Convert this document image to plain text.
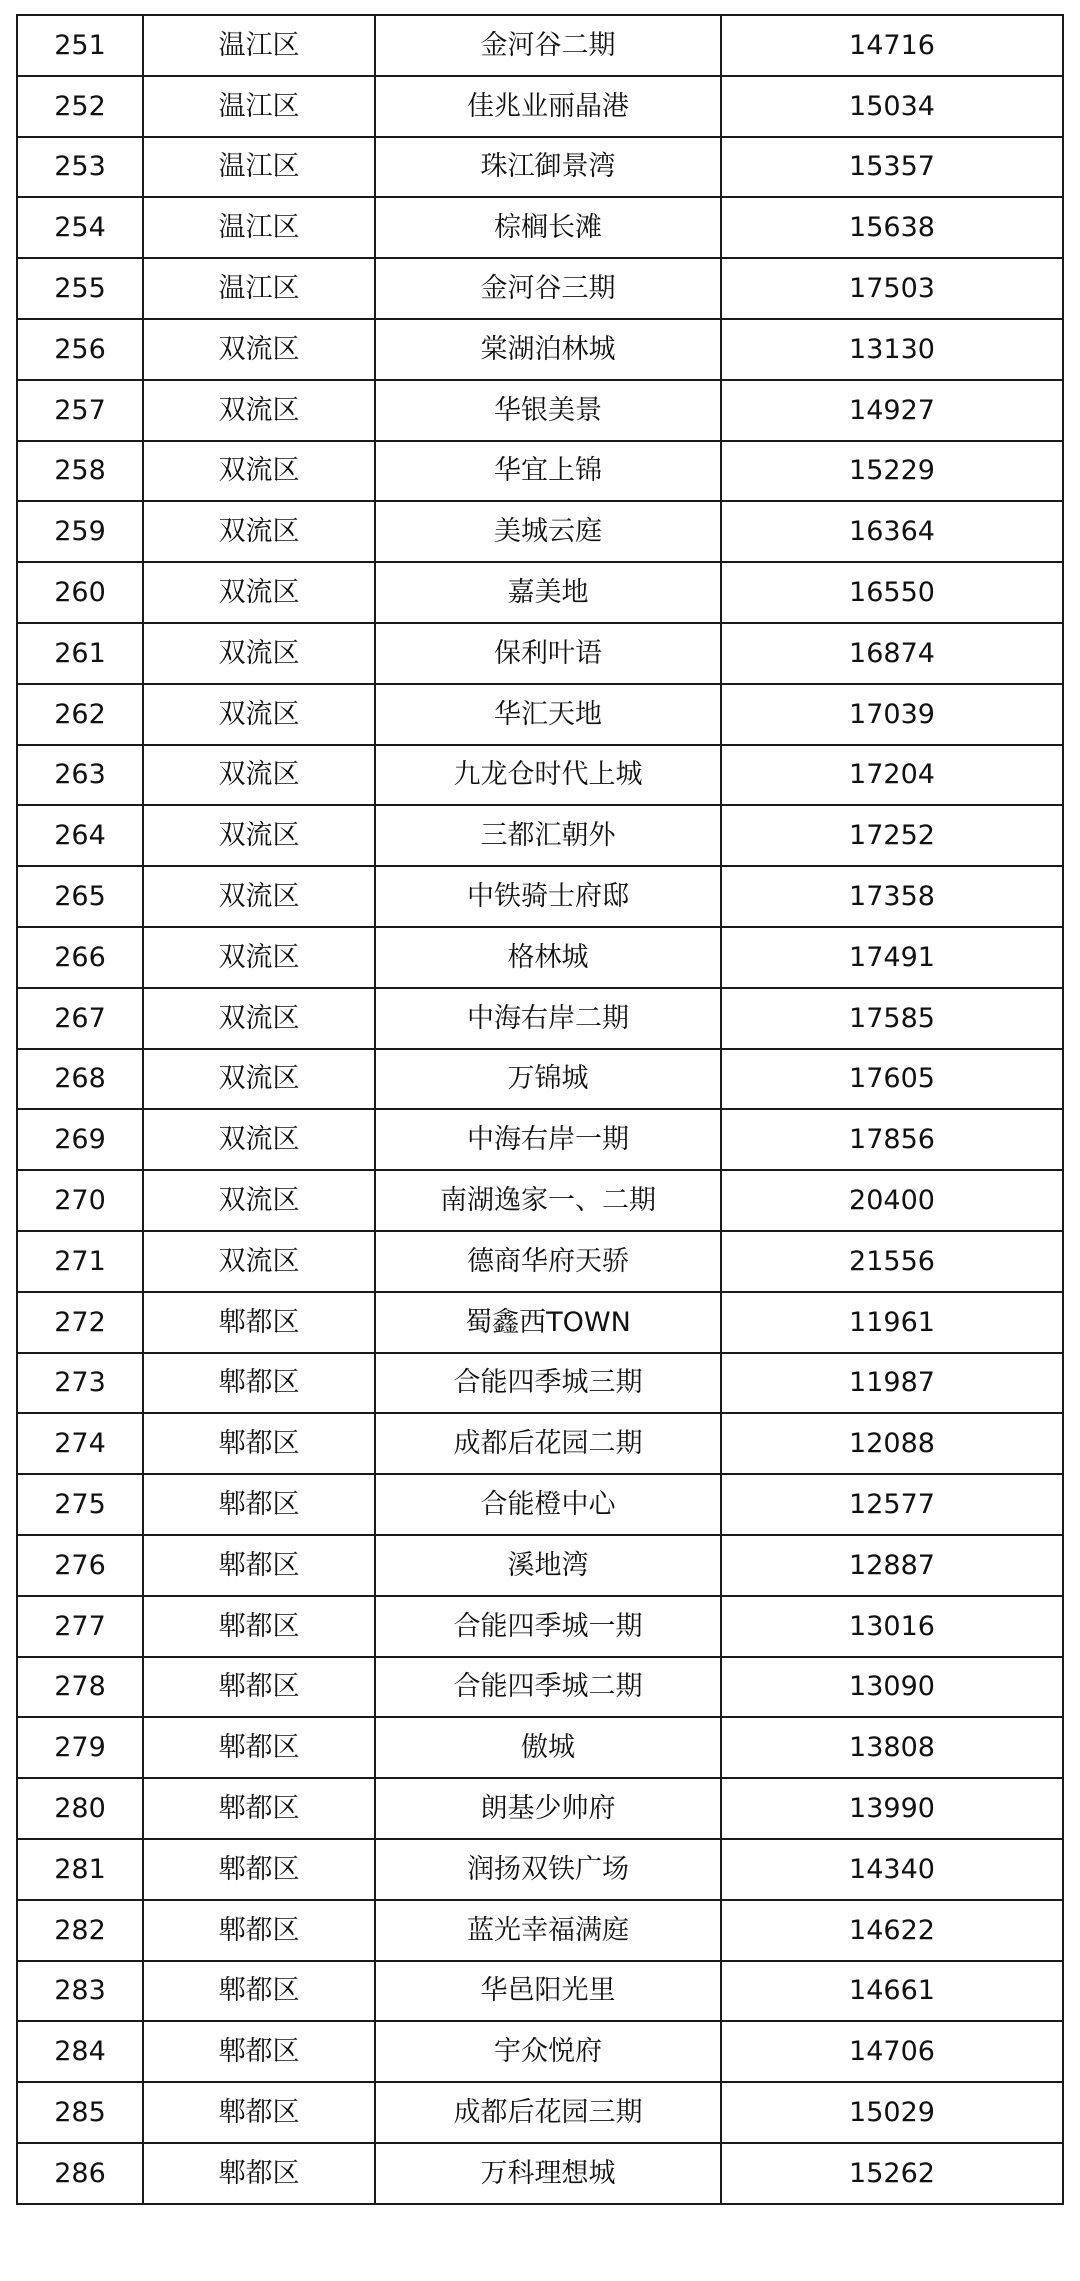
251	温江区	金河谷二期	14716
252	温江区	佳兆业丽晶港	15034
253	温江区	珠江御景湾	15357
254	温江区	棕榈长滩	15638
255	温江区	金河谷三期	17503
256	双流区	棠湖泊林城	13130
257	双流区	华银美景	14927
258	双流区	华宜上锦	15229
259	双流区	美城云庭	16364
260	双流区	嘉美地	16550
261	双流区	保利叶语	16874
262	双流区	华汇天地	17039
263	双流区	九龙仓时代上城	17204
264	双流区	三都汇朝外	17252
265	双流区	中铁骑士府邸	17358
266	双流区	格林城	17491
267	双流区	中海右岸二期	17585
268	双流区	万锦城	17605
269	双流区	中海右岸一期	17856
270	双流区	南湖逸家一、二期	20400
271	双流区	德商华府天骄	21556
272	郫都区	蜀鑫西TOWN	11961
273	郫都区	合能四季城三期	11987
274	郫都区	成都后花园二期	12088
275	郫都区	合能橙中心	12577
276	郫都区	溪地湾	12887
277	郫都区	合能四季城一期	13016
278	郫都区	合能四季城二期	13090
279	郫都区	傲城	13808
280	郫都区	朗基少帅府	13990
281	郫都区	润扬双铁广场	14340
282	郫都区	蓝光幸福满庭	14622
283	郫都区	华邑阳光里	14661
284	郫都区	宇众悦府	14706
285	郫都区	成都后花园三期	15029
286	郫都区	万科理想城	15262
